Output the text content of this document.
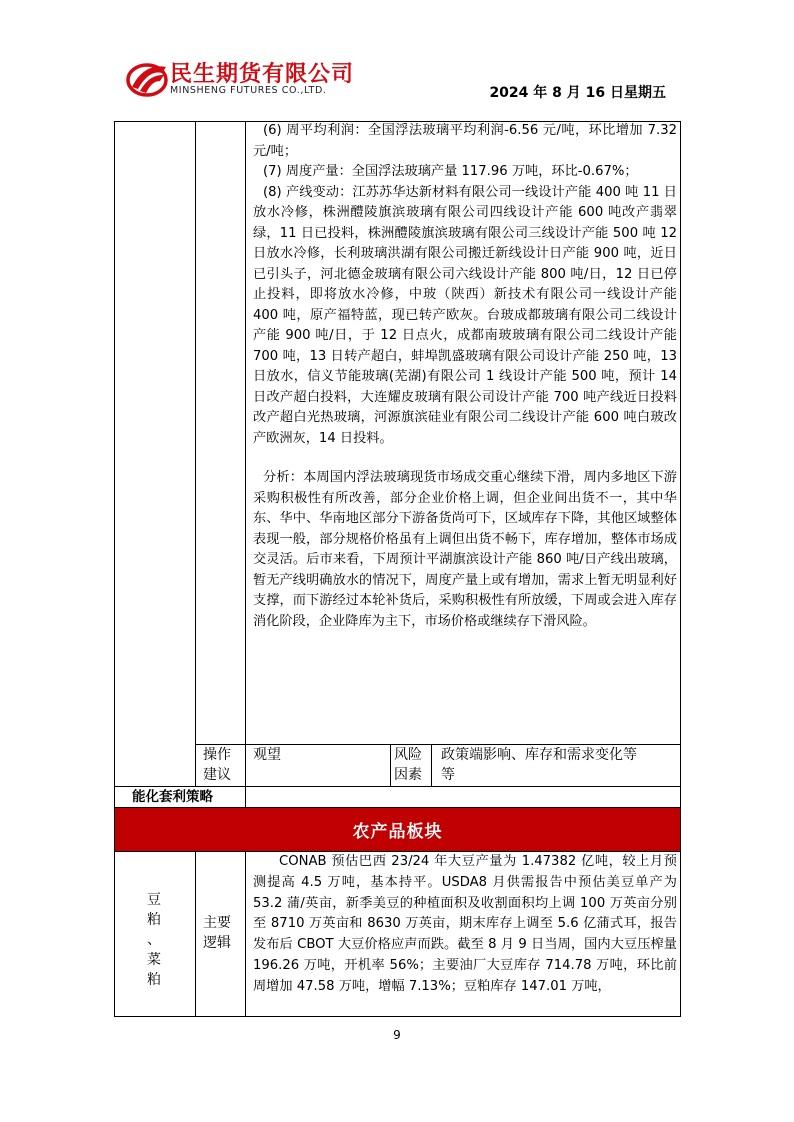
民生期货有限公司
MINSHENG FUTURES CO.,LTD.	2024 年 8 月 16 日星期五

(6) 周平均利润：全国浮法玻璃平均利润-6.56 元/吨，环比增加 7.32 元/吨；

(7) 周度产量：全国浮法玻璃产量 117.96 万吨，环比-0.67%；

(8) 产线变动：江苏苏华达新材料有限公司一线设计产能 400 吨 11 日放水冷修，株洲醴陵旗滨玻璃有限公司四线设计产能 600 吨改产翡翠绿，11 日已投料，株洲醴陵旗滨玻璃有限公司三线设计产能 500 吨 12 日放水冷修，长利玻璃洪湖有限公司搬迁新线设计日产能 900 吨，近日已引头子，河北德金玻璃有限公司六线设计产能 800 吨/日，12 日已停止投料，即将放水冷修，中玻（陕西）新技术有限公司一线设计产能 400 吨，原产福特蓝，现已转产欧灰。台玻成都玻璃有限公司二线设计产能 900 吨/日，于 12 日点火，成都南玻玻璃有限公司二线设计产能 700 吨，13 日转产超白，蚌埠凯盛玻璃有限公司设计产能 250 吨，13 日放水，信义节能玻璃(芜湖)有限公司 1 线设计产能 500 吨，预计 14 日改产超白投料，大连耀皮玻璃有限公司设计产能 700 吨产线近日投料改产超白光热玻璃，河源旗滨硅业有限公司二线设计产能 600 吨白玻改产欧洲灰，14 日投料。

分析：本周国内浮法玻璃现货市场成交重心继续下滑，周内多地区下游采购积极性有所改善，部分企业价格上调，但企业间出货不一，其中华东、华中、华南地区部分下游备货尚可下，区域库存下降，其他区域整体表现一般，部分规格价格虽有上调但出货不畅下，库存增加，整体市场成交灵活。后市来看，下周预计平湖旗滨设计产能 860 吨/日产线出玻璃，暂无产线明确放水的情况下，周度产量上或有增加，需求上暂无明显利好支撑，而下游经过本轮补货后，采购积极性有所放缓，下周或会进入库存消化阶段，企业降库为主下，市场价格或继续存下滑风险。

操作
建议
观望	风险
因素
政策端影响、库存和需求变化等
等
能化套利策略
农产品板块
豆
粕
、
菜
粕
主要
逻辑

CONAB 预估巴西 23/24 年大豆产量为 1.47382 亿吨，较上月预测提高 4.5 万吨，基本持平。USDA8 月供需报告中预估美豆单产为 53.2 蒲/英亩，新季美豆的种植面积及收割面积均上调 100 万英亩分别至 8710 万英亩和 8630 万英亩，期末库存上调至 5.6 亿蒲式耳，报告发布后 CBOT 大豆价格应声而跌。截至 8 月 9 日当周，国内大豆压榨量 196.26 万吨，开机率 56%；主要油厂大豆库存 714.78 万吨，环比前周增加 47.58 万吨，增幅 7.13%；豆粕库存 147.01 万吨，

9
